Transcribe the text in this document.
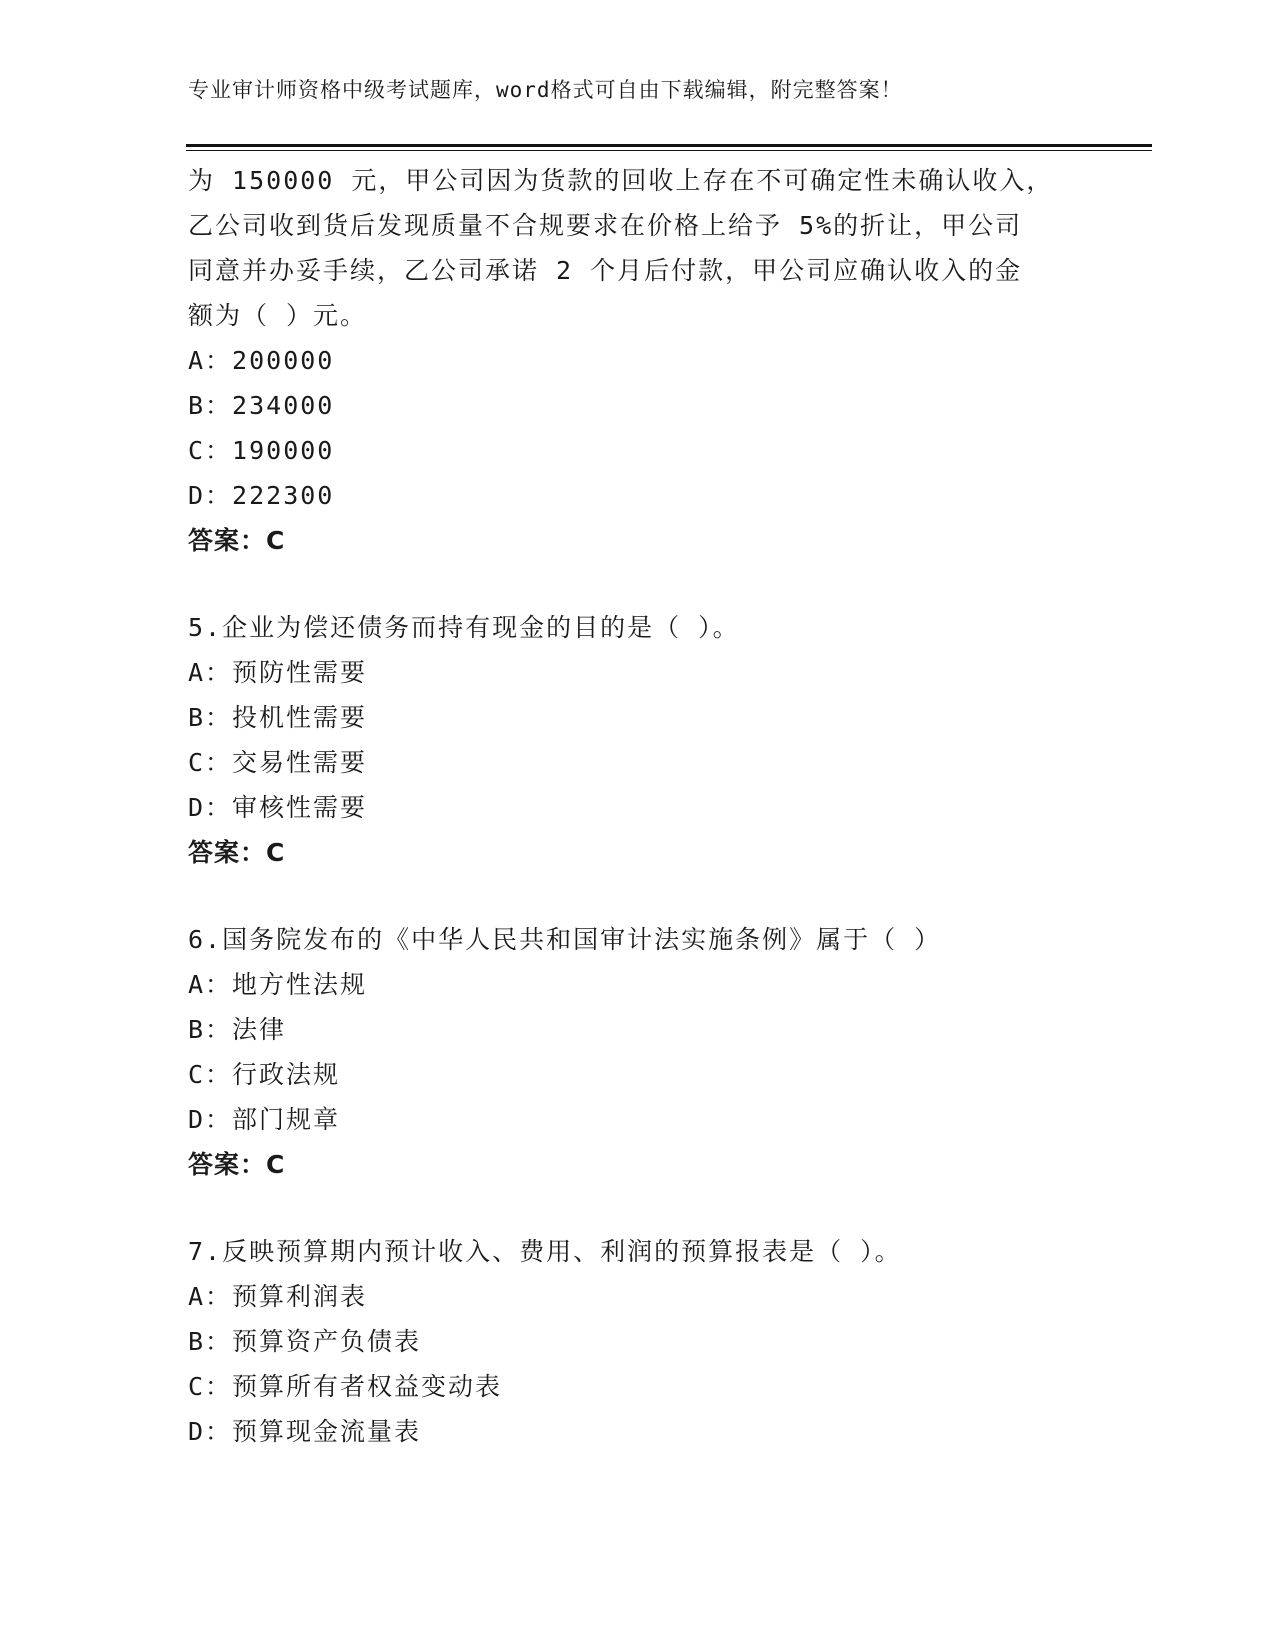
专业审计师资格中级考试题库，word格式可自由下载编辑，附完整答案！
为 150000 元，甲公司因为货款的回收上存在不可确定性未确认收入，
乙公司收到货后发现质量不合规要求在价格上给予 5%的折让，甲公司
同意并办妥手续，乙公司承诺 2 个月后付款，甲公司应确认收入的金
额为（ ）元。
A：200000
B：234000
C：190000
D：222300
答案：C
5.企业为偿还债务而持有现金的目的是（ ）。
A：预防性需要
B：投机性需要
C：交易性需要
D：审核性需要
答案：C
6.国务院发布的《中华人民共和国审计法实施条例》属于（ ）
A：地方性法规
B：法律
C：行政法规
D：部门规章
答案：C
7.反映预算期内预计收入、费用、利润的预算报表是（ ）。
A：预算利润表
B：预算资产负债表
C：预算所有者权益变动表
D：预算现金流量表
